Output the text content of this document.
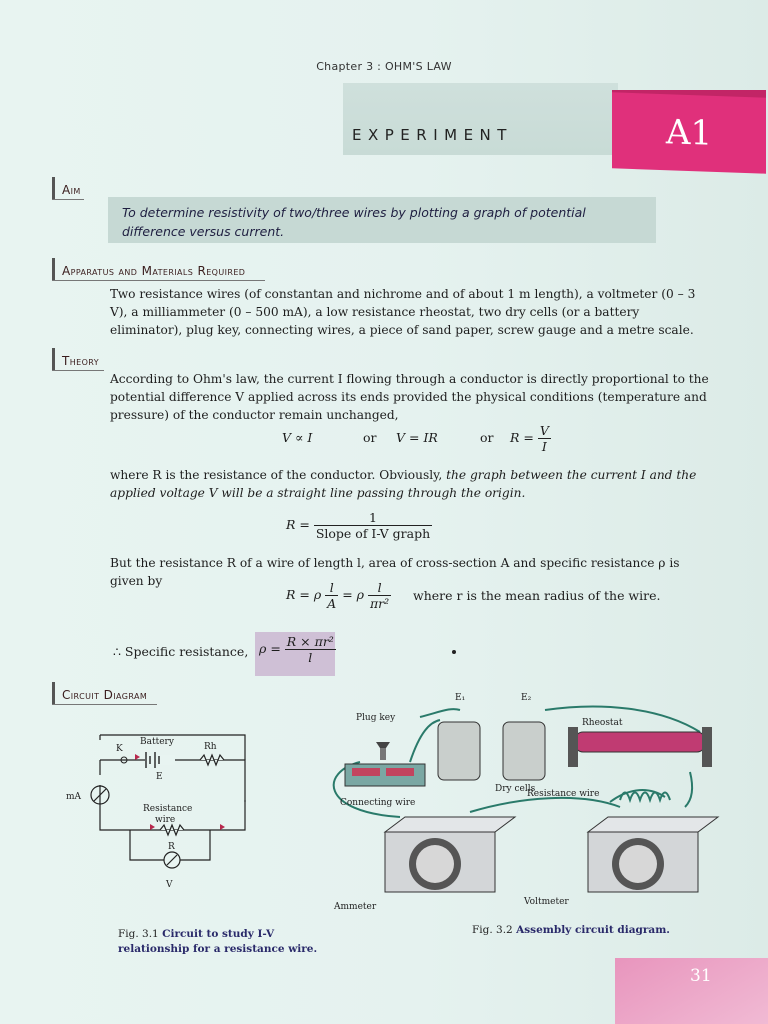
Chapter 3 : OHM'S LAW
EXPERIMENT	A1
Aim
To determine resistivity of two/three wires by plotting a graph of potential difference versus current.
Apparatus and Materials Required
Two resistance wires (of constantan and nichrome and of about 1 m length), a voltmeter (0 – 3 V), a milliammeter (0 – 500 mA), a low resistance rheostat, two dry cells (or a battery eliminator), plug key, connecting wires, a piece of sand paper, screw gauge and a metre scale.
Theory
According to Ohm's law, the current I flowing through a conductor is directly proportional to the potential difference V applied across its ends provided the physical conditions (temperature and pressure) of the conductor remain unchanged,
V ∝ I	or V = IR	or $R = \frac{V}{I}$
where R is the resistance of the conductor. Obviously, the graph between the current I and the applied voltage V will be a straight line passing through the origin.
$R = \frac{1}{\text{Slope of I-V graph}}$
But the resistance R of a wire of length l, area of cross-section A and specific resistance ρ is given by
R = ρ $\frac{l}{A} = \rho \frac{l}{\text{πr²}}$ where r is the mean radius of the wire.
∴ Specific resistance, $\rho = \frac{\text{R × πr²}}{l}$
Circuit Diagram
Battery	Rh
K
E
mA
Resistance
wire
R
V
Plug key
E₁	E₂
Rheostat
Dry cells
Resistance wire
Connecting wire
Ammeter	Voltmeter
Fig. 3.1 Circuit to study I-V relationship for a resistance wire.
Fig. 3.2 Assembly circuit diagram.
31
